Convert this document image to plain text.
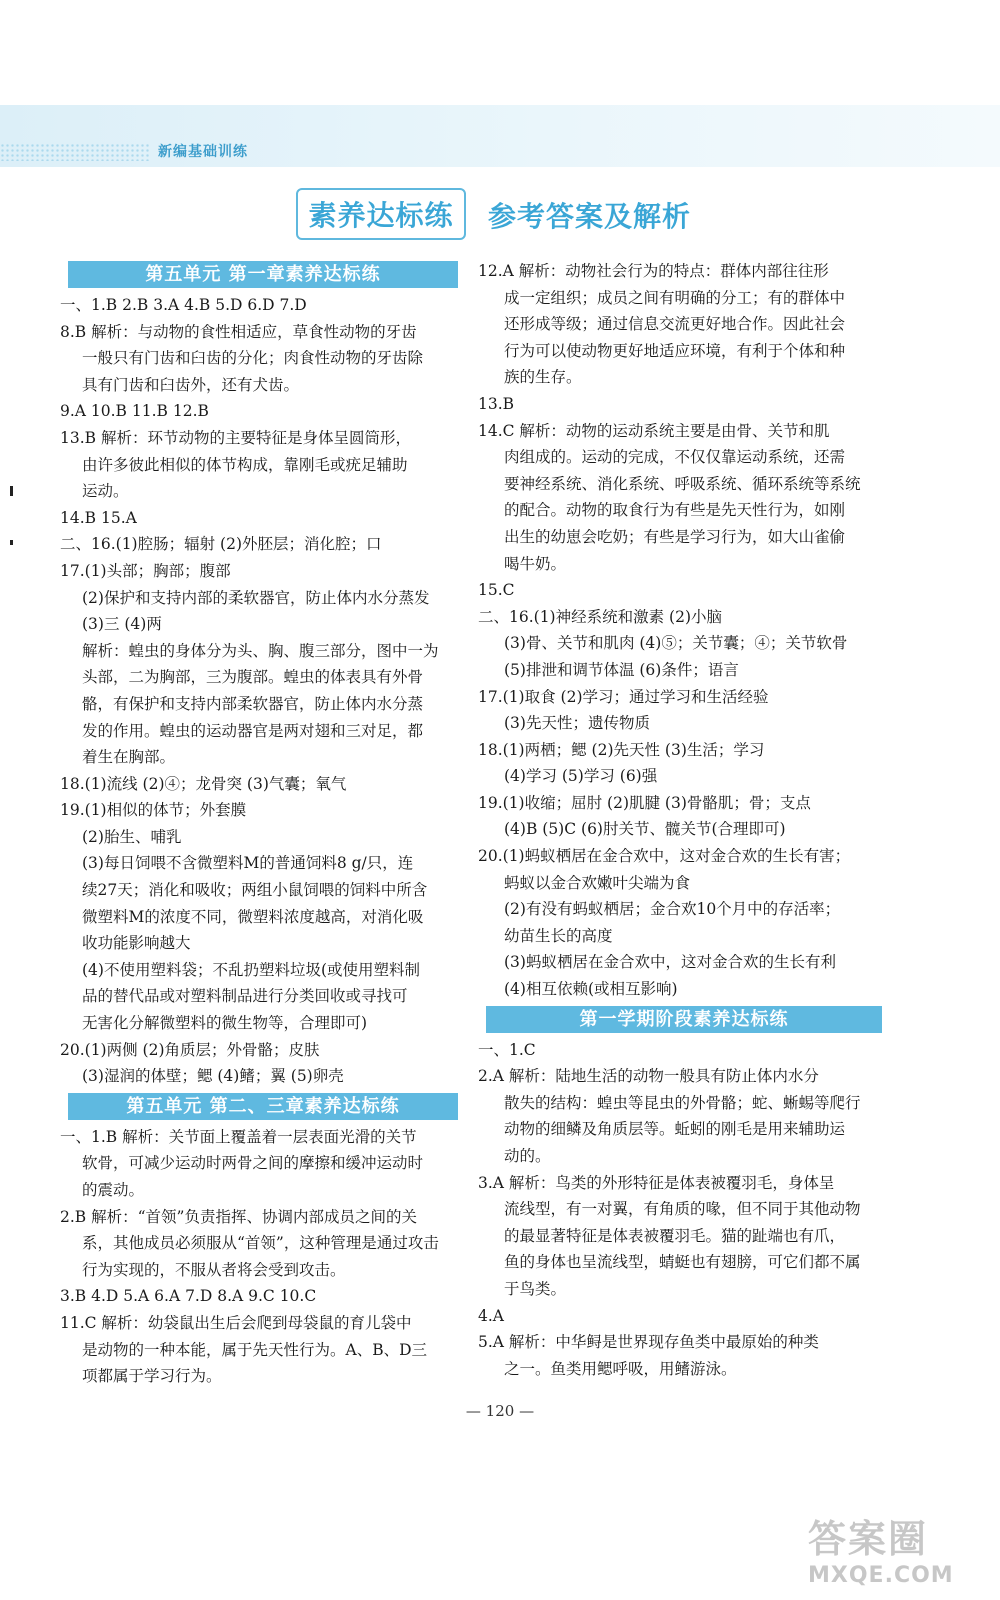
新编基础训练
素养达标练	参考答案及解析
第五单元 第一章素养达标练
一、1.B 2.B 3.A 4.B 5.D 6.D 7.D
8.B 解析：与动物的食性相适应，草食性动物的牙齿
一般只有门齿和臼齿的分化；肉食性动物的牙齿除
具有门齿和臼齿外，还有犬齿。
9.A 10.B 11.B 12.B
13.B 解析：环节动物的主要特征是身体呈圆筒形，
由许多彼此相似的体节构成，靠刚毛或疣足辅助
运动。
14.B 15.A
二、16.(1)腔肠；辐射 (2)外胚层；消化腔；口
17.(1)头部；胸部；腹部
(2)保护和支持内部的柔软器官，防止体内水分蒸发
(3)三 (4)两
解析：蝗虫的身体分为头、胸、腹三部分，图中一为
头部，二为胸部，三为腹部。蝗虫的体表具有外骨
骼，有保护和支持内部柔软器官，防止体内水分蒸
发的作用。蝗虫的运动器官是两对翅和三对足，都
着生在胸部。
18.(1)流线 (2)④；龙骨突 (3)气囊；氧气
19.(1)相似的体节；外套膜
(2)胎生、哺乳
(3)每日饲喂不含微塑料M的普通饲料8 g/只，连
续27天；消化和吸收；两组小鼠饲喂的饲料中所含
微塑料M的浓度不同，微塑料浓度越高，对消化吸
收功能影响越大
(4)不使用塑料袋；不乱扔塑料垃圾(或使用塑料制
品的替代品或对塑料制品进行分类回收或寻找可
无害化分解微塑料的微生物等，合理即可)
20.(1)两侧 (2)角质层；外骨骼；皮肤
(3)湿润的体壁；鳃 (4)鳍；翼 (5)卵壳
第五单元 第二、三章素养达标练
一、1.B 解析：关节面上覆盖着一层表面光滑的关节
软骨，可减少运动时两骨之间的摩擦和缓冲运动时
的震动。
2.B 解析：“首领”负责指挥、协调内部成员之间的关
系，其他成员必须服从“首领”，这种管理是通过攻击
行为实现的，不服从者将会受到攻击。
3.B 4.D 5.A 6.A 7.D 8.A 9.C 10.C
11.C 解析：幼袋鼠出生后会爬到母袋鼠的育儿袋中
是动物的一种本能，属于先天性行为。A、B、D三
项都属于学习行为。
12.A 解析：动物社会行为的特点：群体内部往往形
成一定组织；成员之间有明确的分工；有的群体中
还形成等级；通过信息交流更好地合作。因此社会
行为可以使动物更好地适应环境，有利于个体和种
族的生存。
13.B
14.C 解析：动物的运动系统主要是由骨、关节和肌
肉组成的。运动的完成，不仅仅靠运动系统，还需
要神经系统、消化系统、呼吸系统、循环系统等系统
的配合。动物的取食行为有些是先天性行为，如刚
出生的幼崽会吃奶；有些是学习行为，如大山雀偷
喝牛奶。
15.C
二、16.(1)神经系统和激素 (2)小脑
(3)骨、关节和肌肉 (4)⑤；关节囊；④；关节软骨
(5)排泄和调节体温 (6)条件；语言
17.(1)取食 (2)学习；通过学习和生活经验
(3)先天性；遗传物质
18.(1)两栖；鳃 (2)先天性 (3)生活；学习
(4)学习 (5)学习 (6)强
19.(1)收缩；屈肘 (2)肌腱 (3)骨骼肌；骨；支点
(4)B (5)C (6)肘关节、髋关节(合理即可)
20.(1)蚂蚁栖居在金合欢中，这对金合欢的生长有害；
蚂蚁以金合欢嫩叶尖端为食
(2)有没有蚂蚁栖居；金合欢10个月中的存活率；
幼苗生长的高度
(3)蚂蚁栖居在金合欢中，这对金合欢的生长有利
(4)相互依赖(或相互影响)
第一学期阶段素养达标练
一、1.C
2.A 解析：陆地生活的动物一般具有防止体内水分
散失的结构：蝗虫等昆虫的外骨骼；蛇、蜥蜴等爬行
动物的细鳞及角质层等。蚯蚓的刚毛是用来辅助运
动的。
3.A 解析：鸟类的外形特征是体表被覆羽毛，身体呈
流线型，有一对翼，有角质的喙，但不同于其他动物
的最显著特征是体表被覆羽毛。猫的趾端也有爪，
鱼的身体也呈流线型，蜻蜓也有翅膀，可它们都不属
于鸟类。
4.A
5.A 解析：中华鲟是世界现存鱼类中最原始的种类
之一。鱼类用鳃呼吸，用鳍游泳。
— 120 —
答案圈
MXQE.COM
